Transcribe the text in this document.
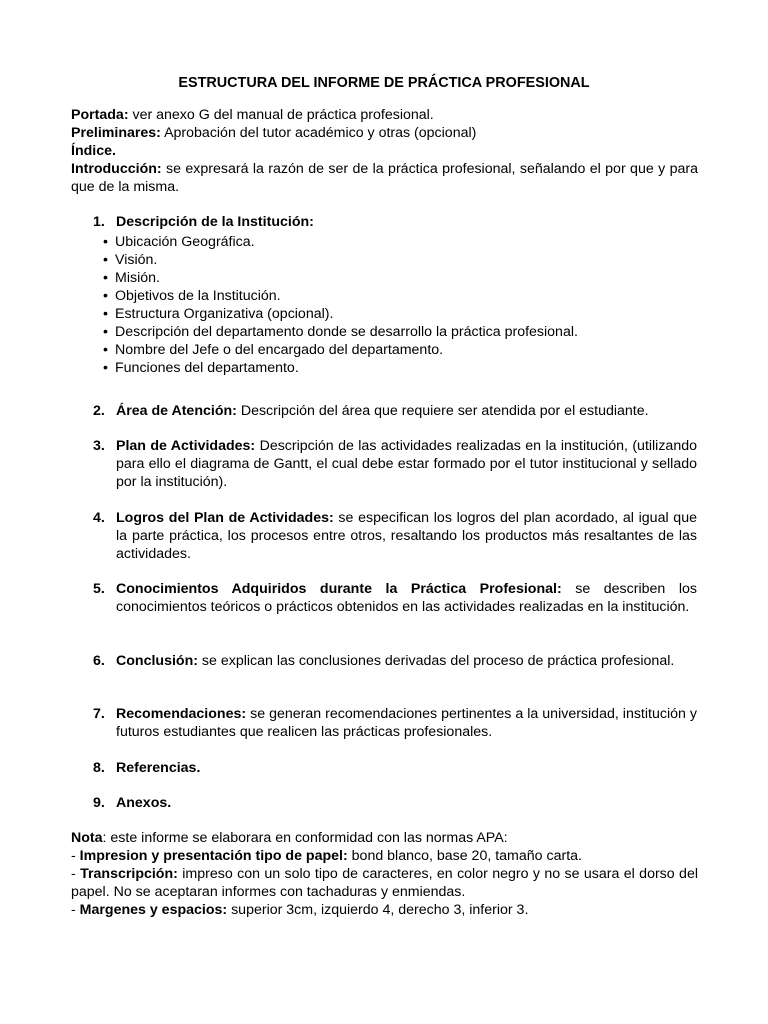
ESTRUCTURA DEL INFORME DE PRÁCTICA PROFESIONAL
Portada: ver anexo G del manual de práctica profesional.
Preliminares: Aprobación del tutor académico y otras (opcional)
Índice.
Introducción: se expresará la razón de ser de la práctica profesional, señalando el por que y para que de la misma.
1. Descripción de la Institución:
• Ubicación Geográfica.
• Visión.
• Misión.
• Objetivos de la Institución.
• Estructura Organizativa (opcional).
• Descripción del departamento donde se desarrollo la práctica profesional.
• Nombre del Jefe o del encargado del departamento.
• Funciones del departamento.
2. Área de Atención: Descripción del área que requiere ser atendida por el estudiante.
3. Plan de Actividades: Descripción de las actividades realizadas en la institución, (utilizando para ello el diagrama de Gantt, el cual debe estar formado por el tutor institucional y sellado por la institución).
4. Logros del Plan de Actividades: se especifican los logros del plan acordado, al igual que la parte práctica, los procesos entre otros, resaltando los productos más resaltantes de las actividades.
5. Conocimientos Adquiridos durante la Práctica Profesional: se describen los conocimientos teóricos o prácticos obtenidos en las actividades realizadas en la institución.
6. Conclusión: se explican las conclusiones derivadas del proceso de práctica profesional.
7. Recomendaciones: se generan recomendaciones pertinentes a la universidad, institución y futuros estudiantes que realicen las prácticas profesionales.
8. Referencias.
9. Anexos.
Nota: este informe se elaborara en conformidad con las normas APA:
- Impresion y presentación tipo de papel: bond blanco, base 20, tamaño carta.
- Transcripción: impreso con un solo tipo de caracteres, en color negro y no se usara el dorso del papel. No se aceptaran informes con tachaduras y enmiendas.
- Margenes y espacios: superior 3cm, izquierdo 4, derecho 3, inferior 3.
